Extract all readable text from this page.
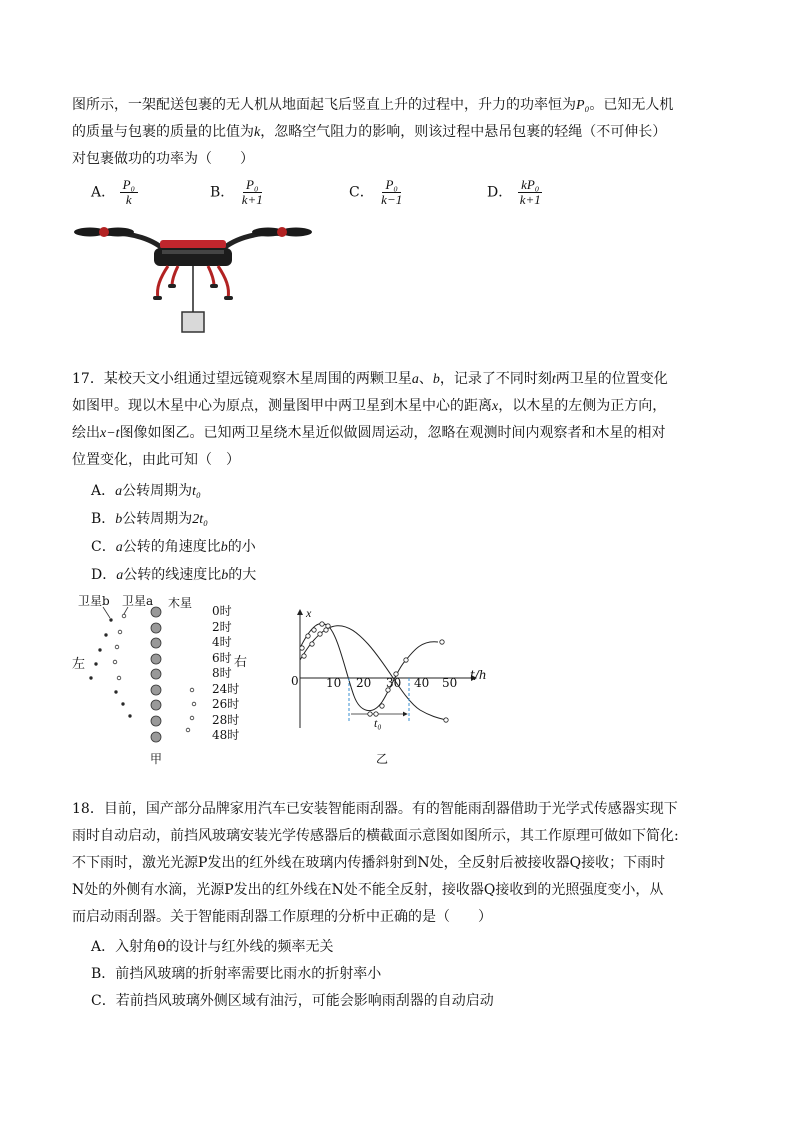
图所示，一架配送包裹的无人机从地面起飞后竖直上升的过程中，升力的功率恒为P₀。已知无人机

的质量与包裹的质量的比值为k，忽略空气阻力的影响，则该过程中悬吊包裹的轻绳（不可伸长）

对包裹做功的功率为（　　）

A． $\frac{\text{P₀}}{k}$	B． $\frac{\text{P₀}}{k+1}$	C． $\frac{\text{P₀}}{k-1}$	D． $\frac{\text{kP₀}}{k+1}$

17．某校天文小组通过望远镜观察木星周围的两颗卫星a、b，记录了不同时刻t两卫星的位置变化

如图甲。现以木星中心为原点，测量图甲中两卫星到木星中心的距离x，以木星的左侧为正方向，

绘出x−t图像如图乙。已知两卫星绕木星近似做圆周运动，忽略在观测时间内观察者和木星的相对

位置变化，由此可知（　）

A．a公转周期为t₀
B．b公转周期为2t₀
C．a公转的角速度比b的小
D．a公转的线速度比b的大
卫星b 卫星a 木星
左	右
甲
0时
2时
4时
6时
8时
24时
26时
28时
48时
x
t/h
0 10 20 30 40 50
t₀
乙

18．目前，国产部分品牌家用汽车已安装智能雨刮器。有的智能雨刮器借助于光学式传感器实现下

雨时自动启动，前挡风玻璃安装光学传感器后的横截面示意图如图所示，其工作原理可做如下简化:

不下雨时，激光光源P发出的红外线在玻璃内传播斜射到N处，全反射后被接收器Q接收；下雨时

N处的外侧有水滴，光源P发出的红外线在N处不能全反射，接收器Q接收到的光照强度变小，从

而启动雨刮器。关于智能雨刮器工作原理的分析中正确的是（　　）

A．入射角θ的设计与红外线的频率无关
B．前挡风玻璃的折射率需要比雨水的折射率小
C．若前挡风玻璃外侧区域有油污，可能会影响雨刮器的自动启动
